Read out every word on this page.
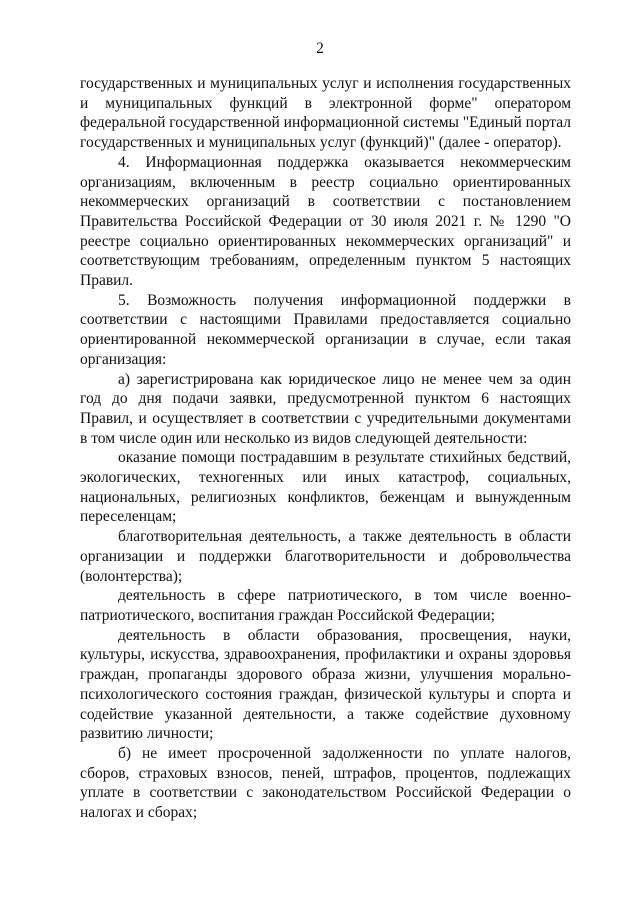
2

государственных и муниципальных услуг и исполнения государственных и муниципальных функций в электронной форме" оператором федеральной государственной информационной системы "Единый портал государственных и муниципальных услуг (функций)" (далее - оператор).

4. Информационная поддержка оказывается некоммерческим организациям, включенным в реестр социально ориентированных некоммерческих организаций в соответствии с постановлением Правительства Российской Федерации от 30 июля 2021 г. № 1290 "О реестре социально ориентированных некоммерческих организаций" и соответствующим требованиям, определенным пунктом 5 настоящих Правил.

5. Возможность получения информационной поддержки в соответствии с настоящими Правилами предоставляется социально ориентированной некоммерческой организации в случае, если такая организация:

а) зарегистрирована как юридическое лицо не менее чем за один год до дня подачи заявки, предусмотренной пунктом 6 настоящих Правил, и осуществляет в соответствии с учредительными документами в том числе один или несколько из видов следующей деятельности:

оказание помощи пострадавшим в результате стихийных бедствий, экологических, техногенных или иных катастроф, социальных, национальных, религиозных конфликтов, беженцам и вынужденным переселенцам;

благотворительная деятельность, а также деятельность в области организации и поддержки благотворительности и добровольчества (волонтерства);

деятельность в сфере патриотического, в том числе военно-патриотического, воспитания граждан Российской Федерации;

деятельность в области образования, просвещения, науки, культуры, искусства, здравоохранения, профилактики и охраны здоровья граждан, пропаганды здорового образа жизни, улучшения морально-психологического состояния граждан, физической культуры и спорта и содействие указанной деятельности, а также содействие духовному развитию личности;

б) не имеет просроченной задолженности по уплате налогов, сборов, страховых взносов, пеней, штрафов, процентов, подлежащих уплате в соответствии с законодательством Российской Федерации о налогах и сборах;
